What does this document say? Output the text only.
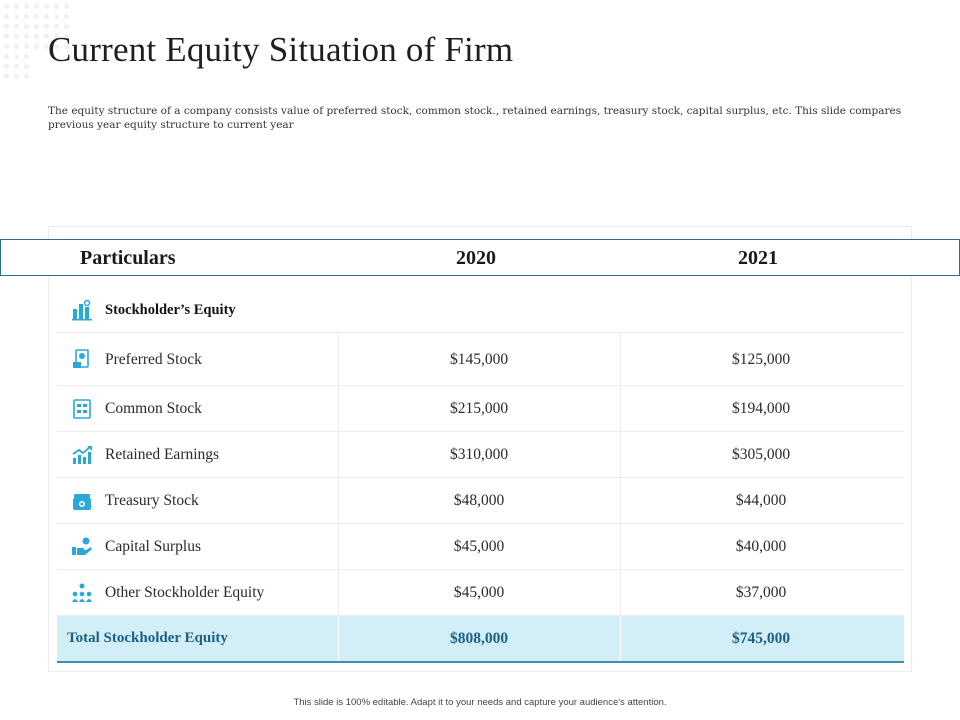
Current Equity Situation of Firm

The equity structure of a company consists value of preferred stock, common stock., retained earnings, treasury stock, capital surplus, etc. This slide compares previous year equity structure to current year

Particulars	2020	2021
Stockholder’s Equity
Preferred Stock	$145,000	$125,000
Common Stock	$215,000	$194,000
Retained Earnings	$310,000	$305,000
Treasury Stock	$48,000	$44,000
Capital Surplus	$45,000	$40,000
Other Stockholder Equity	$45,000	$37,000
Total Stockholder Equity	$808,000	$745,000
This slide is 100% editable. Adapt it to your needs and capture your audience's attention.
